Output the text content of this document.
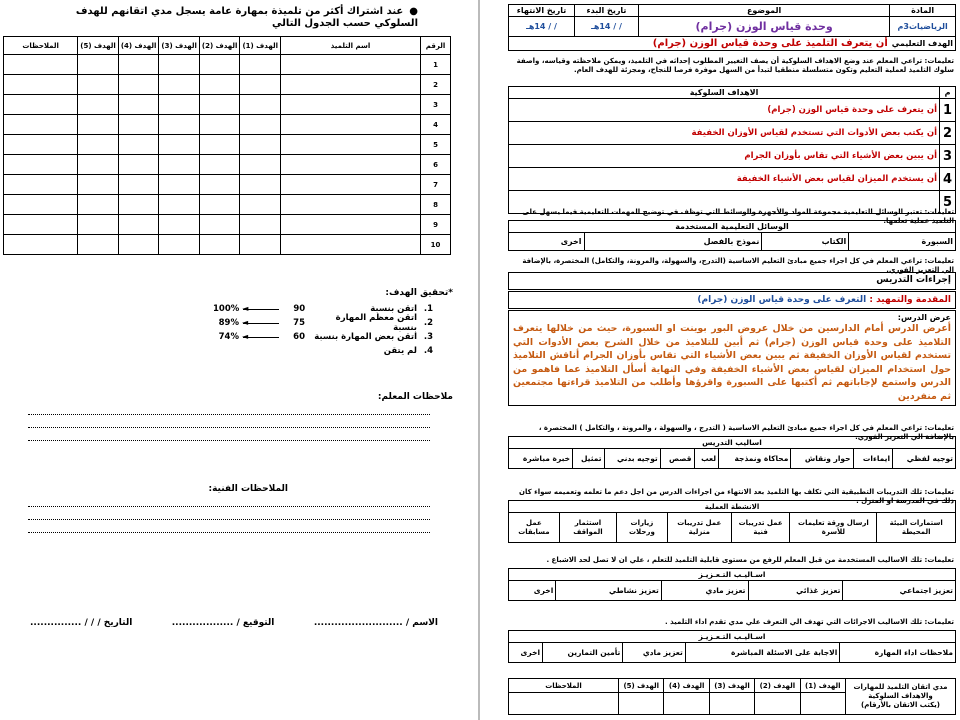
●عند اشتراك أكثر من تلميذة بمهارة عامة يسجل مدي اتقانهم للهدف السلوكي حسب الجدول التالي
الرقم	اسم التلميذ	الهدف (1)	الهدف (2)	الهدف (3)	الهدف (4)	الهدف (5)	الملاحظات
1							
2							
3							
4							
5							
6							
7							
8							
9							
10							
*تحقيق الهدف:
1.
اتقن بنسبة
90
◄
100%
2.
اتقن معظم المهارة بنسبة
75
◄
89%
3.
اتقن بعض المهارة بنسبة
60
◄
74%
4.
لم يتقن
ملاحظات المعلم:
الملاحظات الفنية:
الاسم / ..........................
التوقيع / ..................
التاريخ / / / ...............
المادة	الموضوع	تاريخ البدء	تاريخ الانتهاء
الرياضيات3م	وحدة قياس الوزن (جرام)	/ / 14هـ	/ / 14هـ
الهدف التعليمي	أن يتعرف التلميذ على وحدة قياس الوزن (جرام)		
تعليمات: تراعي المعلم عند وضع الاهداف السلوكية أن يصف التغيير المطلوب إحداثه في التلميذ، ويمكن ملاحظته وقياسه، واصفة سلوك التلميذ لعملية التعليم وتكون متسلسلة منطقيا لتبدأ من السهل موفرة فرصا للنجاح، ومجزئة للهدف العام.
م	الاهداف السلوكية
1	أن يتعرف على وحدة قياس الوزن (جرام)
2	أن يكتب بعض الأدوات التي تستخدم لقياس الأوزان الخفيفة
3	أن يبين بعض الأشياء التي تقاس بأوزان الجرام
4	أن يستخدم الميزان لقياس بعض الأشياء الخفيفة
5	
تعليمات: تعتبر الوسائل التعليمية مجموعة المواد والأجهزة والوسائط التي توظف في توضيح المهمات التعليمية فيما يسهل على التلميذ عملية تعلمها.
الوسائل التعليمية المستخدمة
السبورة	الكتاب	نموذج بالفصل	اخرى
تعليمات: تراعي المعلم في كل اجراء جميع مبادئ التعليم الاساسية (التدرج، والسهولة، والمرونة، والتكامل) المختصرة، بالإضافة الي التعزيز الفوري.
إجراءات التدريس
المقدمة والتمهيد : التعرف على وحدة قياس الوزن (جرام)
عرض الدرس:
أعرض الدرس أمام الدارسين من خلال عروض البور بوينت او السبورة، حيث من خلالها يتعرف التلاميذ على وحدة قياس الوزن (جرام) ثم أبين للتلاميذ من خلال الشرح بعض الأدوات التي تستخدم لقياس الأوزان الخفيفة ثم يبين بعض الأشياء التي تقاس بأوزان الجرام أناقش التلاميذ حول استخدام الميزان لقياس بعض الأشياء الخفيفة وفي النهاية أسأل التلاميذ عما فاهمو من الدرس واستمع لإجاباتهم ثم أكتبها على السبورة واقرؤها وأطلب من التلاميذ قراءتها مجتمعين ثم منفردين
تعليمات: تراعي المعلم في كل اجراء جميع مبادئ التعليم الاساسية ( التدرج ، والسهولة ، والمرونة ، والتكامل ) المختصرة ، بالإضافة الي التعزيز الفوري.
اساليب التدريس
توجيه لفظي	ايماءات	حوار ونقاش	محاكاة ونمذجة	لعب	قصص	توجيه بدني	تمثيل	خبرة مباشرة
تعليمات: تلك التدريبات التطبيقية التي تكلف بها التلميذ بعد الانتهاء من اجراءات الدرس من اجل دعم ما تعلمه وتعميمه سواء كان ذلك في المدرسة او المنزل .
الانشطة العملية
استمارات البيئة المحيطة	ارسال ورقة تعليمات للأسرة	عمل تدريبات فنية	عمل تدريبات منزلية	زيارات ورحلات	استثمار المواقف	عمل مسابقات
تعليمات: تلك الاساليب المستخدمة من قبل المعلم للرفع من مستوى قابلية التلميذ للتعلم ، علي ان لا تصل لحد الاشباع .
اسـاليـب التـعـزيـز
تعزيز اجتماعي	تعزيز غذائي	تعزيز مادي	تعزيز نشاطي	اخرى
تعليمات: تلك الاساليب الاجرائات التي تهدف الي التعرف علي مدي تقدم اداء التلميذ .
اسـاليـب التـعـزيـز
ملاحظات اداء المهارة	الاجابة على الاسئلة المباشرة	تعزيز مادي	تأمين التمارين	اخرى
مدي اتقان التلميذ للمهارات والاهداف السلوكية
(يكتب الاتقان بالأرقام)	الهدف (1)	الهدف (2)	الهدف (3)	الهدف (4)	الهدف (5)	الملاحظات
